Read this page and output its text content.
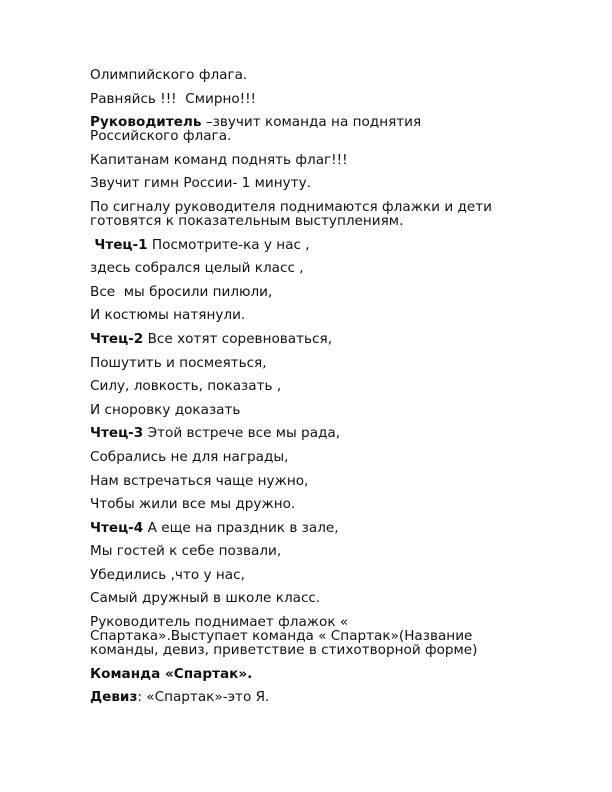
Олимпийского флага.
Равняйсь !!!  Смирно!!!
Руководитель –звучит команда на поднятия
Российского флага.
Капитанам команд поднять флаг!!!
Звучит гимн России- 1 минуту.
По сигналу руководителя поднимаются флажки и дети
готовятся к показательным выступлениям.
Чтец-1 Посмотрите-ка у нас ,
здесь собрался целый класс ,
Все  мы бросили пилюли,
И костюмы натянули.
Чтец-2 Все хотят соревноваться,
Пошутить и посмеяться,
Силу, ловкость, показать ,
И сноровку доказать
Чтец-3 Этой встрече все мы рада,
Собрались не для награды,
Нам встречаться чаще нужно,
Чтобы жили все мы дружно.
Чтец-4 А еще на праздник в зале,
Мы гостей к себе позвали,
Убедились ,что у нас,
Самый дружный в школе класс.
Руководитель поднимает флажок «
Спартака».Выступает команда « Спартак»(Название
команды, девиз, приветствие в стихотворной форме)
Команда «Спартак».
Девиз: «Спартак»-это Я.
